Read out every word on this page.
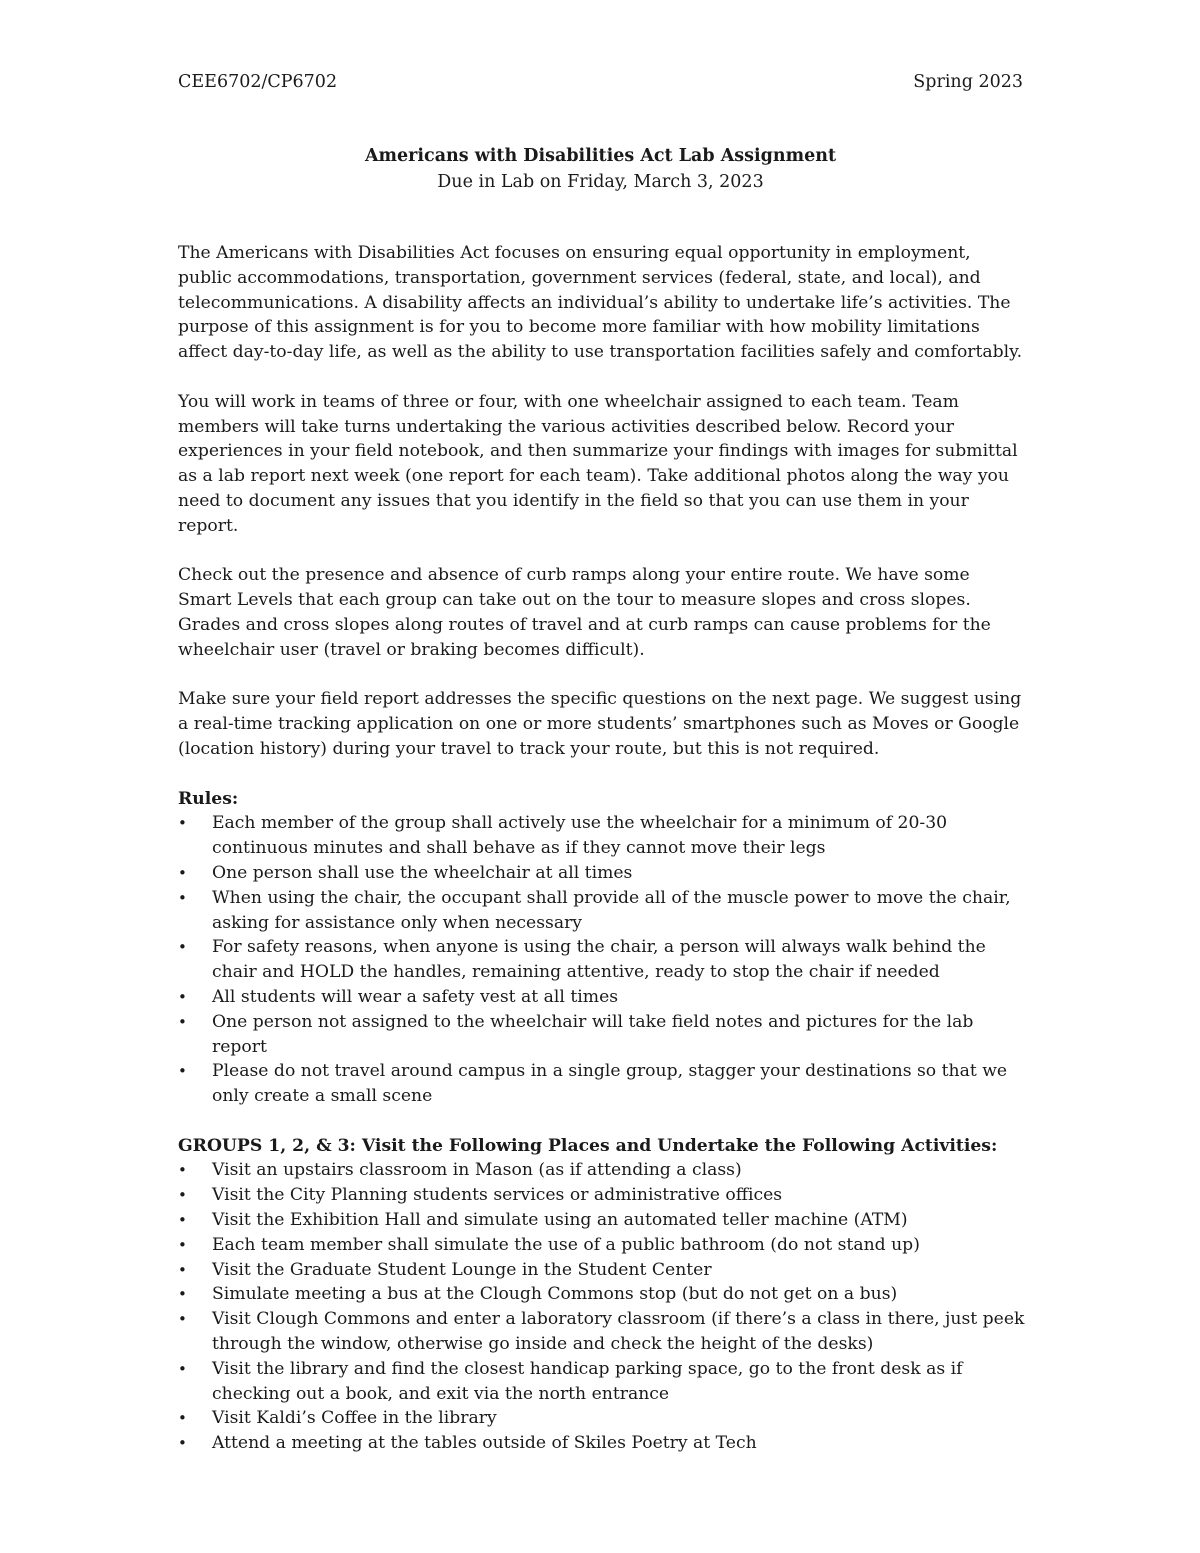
CEE6702/CP6702	Spring 2023
Americans with Disabilities Act Lab Assignment
Due in Lab on Friday, March 3, 2023

The Americans with Disabilities Act focuses on ensuring equal opportunity in employment, public accommodations, transportation, government services (federal, state, and local), and telecommunications. A disability affects an individual’s ability to undertake life’s activities. The purpose of this assignment is for you to become more familiar with how mobility limitations affect day-to-day life, as well as the ability to use transportation facilities safely and comfortably.

You will work in teams of three or four, with one wheelchair assigned to each team. Team members will take turns undertaking the various activities described below. Record your experiences in your field notebook, and then summarize your findings with images for submittal as a lab report next week (one report for each team). Take additional photos along the way you need to document any issues that you identify in the field so that you can use them in your report.

Check out the presence and absence of curb ramps along your entire route. We have some Smart Levels that each group can take out on the tour to measure slopes and cross slopes. Grades and cross slopes along routes of travel and at curb ramps can cause problems for the wheelchair user (travel or braking becomes difficult).

Make sure your field report addresses the specific questions on the next page. We suggest using a real-time tracking application on one or more students’ smartphones such as Moves or Google (location history) during your travel to track your route, but this is not required.

Rules:
• Each member of the group shall actively use the wheelchair for a minimum of 20-30 continuous minutes and shall behave as if they cannot move their legs
• One person shall use the wheelchair at all times
• When using the chair, the occupant shall provide all of the muscle power to move the chair, asking for assistance only when necessary
• For safety reasons, when anyone is using the chair, a person will always walk behind the chair and HOLD the handles, remaining attentive, ready to stop the chair if needed
• All students will wear a safety vest at all times
• One person not assigned to the wheelchair will take field notes and pictures for the lab report
• Please do not travel around campus in a single group, stagger your destinations so that we only create a small scene
GROUPS 1, 2, & 3: Visit the Following Places and Undertake the Following Activities:
• Visit an upstairs classroom in Mason (as if attending a class)
• Visit the City Planning students services or administrative offices
• Visit the Exhibition Hall and simulate using an automated teller machine (ATM)
• Each team member shall simulate the use of a public bathroom (do not stand up)
• Visit the Graduate Student Lounge in the Student Center
• Simulate meeting a bus at the Clough Commons stop (but do not get on a bus)
• Visit Clough Commons and enter a laboratory classroom (if there’s a class in there, just peek through the window, otherwise go inside and check the height of the desks)
• Visit the library and find the closest handicap parking space, go to the front desk as if checking out a book, and exit via the north entrance
• Visit Kaldi’s Coffee in the library
• Attend a meeting at the tables outside of Skiles Poetry at Tech
